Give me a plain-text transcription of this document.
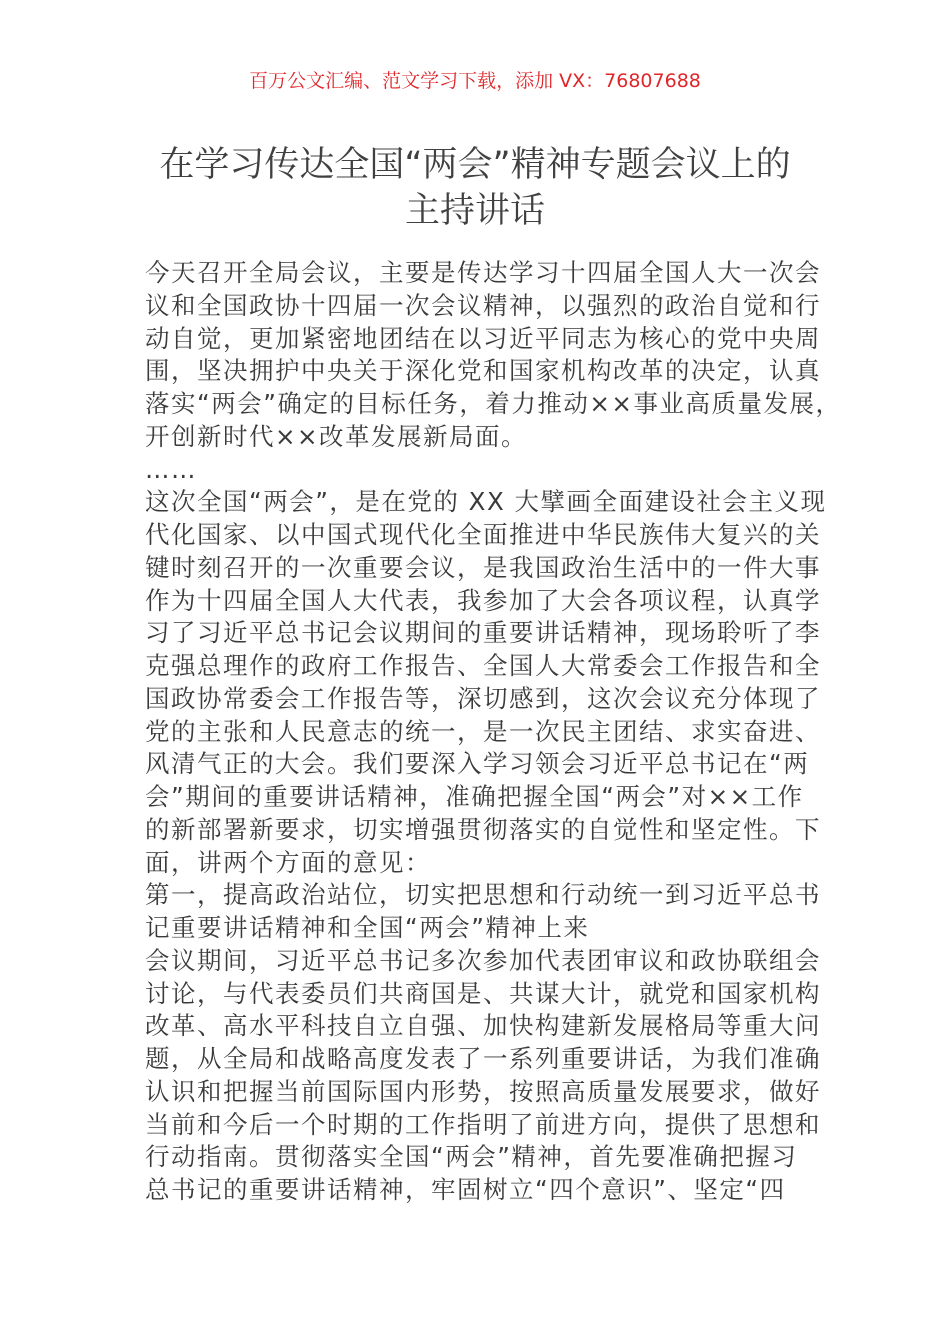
百万公文汇编、范文学习下载，添加 VX：76807688
在学习传达全国“两会”精神专题会议上的
主持讲话
今天召开全局会议，主要是传达学习十四届全国人大一次会
议和全国政协十四届一次会议精神，以强烈的政治自觉和行
动自觉，更加紧密地团结在以习近平同志为核心的党中央周
围，坚决拥护中央关于深化党和国家机构改革的决定，认真
落实“两会”确定的目标任务，着力推动××事业高质量发展，
开创新时代××改革发展新局面。
……
这次全国“两会”，是在党的 XX 大擘画全面建设社会主义现
代化国家、以中国式现代化全面推进中华民族伟大复兴的关
键时刻召开的一次重要会议，是我国政治生活中的一件大事
作为十四届全国人大代表，我参加了大会各项议程，认真学
习了习近平总书记会议期间的重要讲话精神，现场聆听了李
克强总理作的政府工作报告、全国人大常委会工作报告和全
国政协常委会工作报告等，深切感到，这次会议充分体现了
党的主张和人民意志的统一，是一次民主团结、求实奋进、
风清气正的大会。我们要深入学习领会习近平总书记在“两
会”期间的重要讲话精神，准确把握全国“两会”对××工作
的新部署新要求，切实增强贯彻落实的自觉性和坚定性。下
面，讲两个方面的意见：
第一，提高政治站位，切实把思想和行动统一到习近平总书
记重要讲话精神和全国“两会”精神上来
会议期间，习近平总书记多次参加代表团审议和政协联组会
讨论，与代表委员们共商国是、共谋大计，就党和国家机构
改革、高水平科技自立自强、加快构建新发展格局等重大问
题，从全局和战略高度发表了一系列重要讲话，为我们准确
认识和把握当前国际国内形势，按照高质量发展要求，做好
当前和今后一个时期的工作指明了前进方向，提供了思想和
行动指南。贯彻落实全国“两会”精神，首先要准确把握习
总书记的重要讲话精神，牢固树立“四个意识”、坚定“四
